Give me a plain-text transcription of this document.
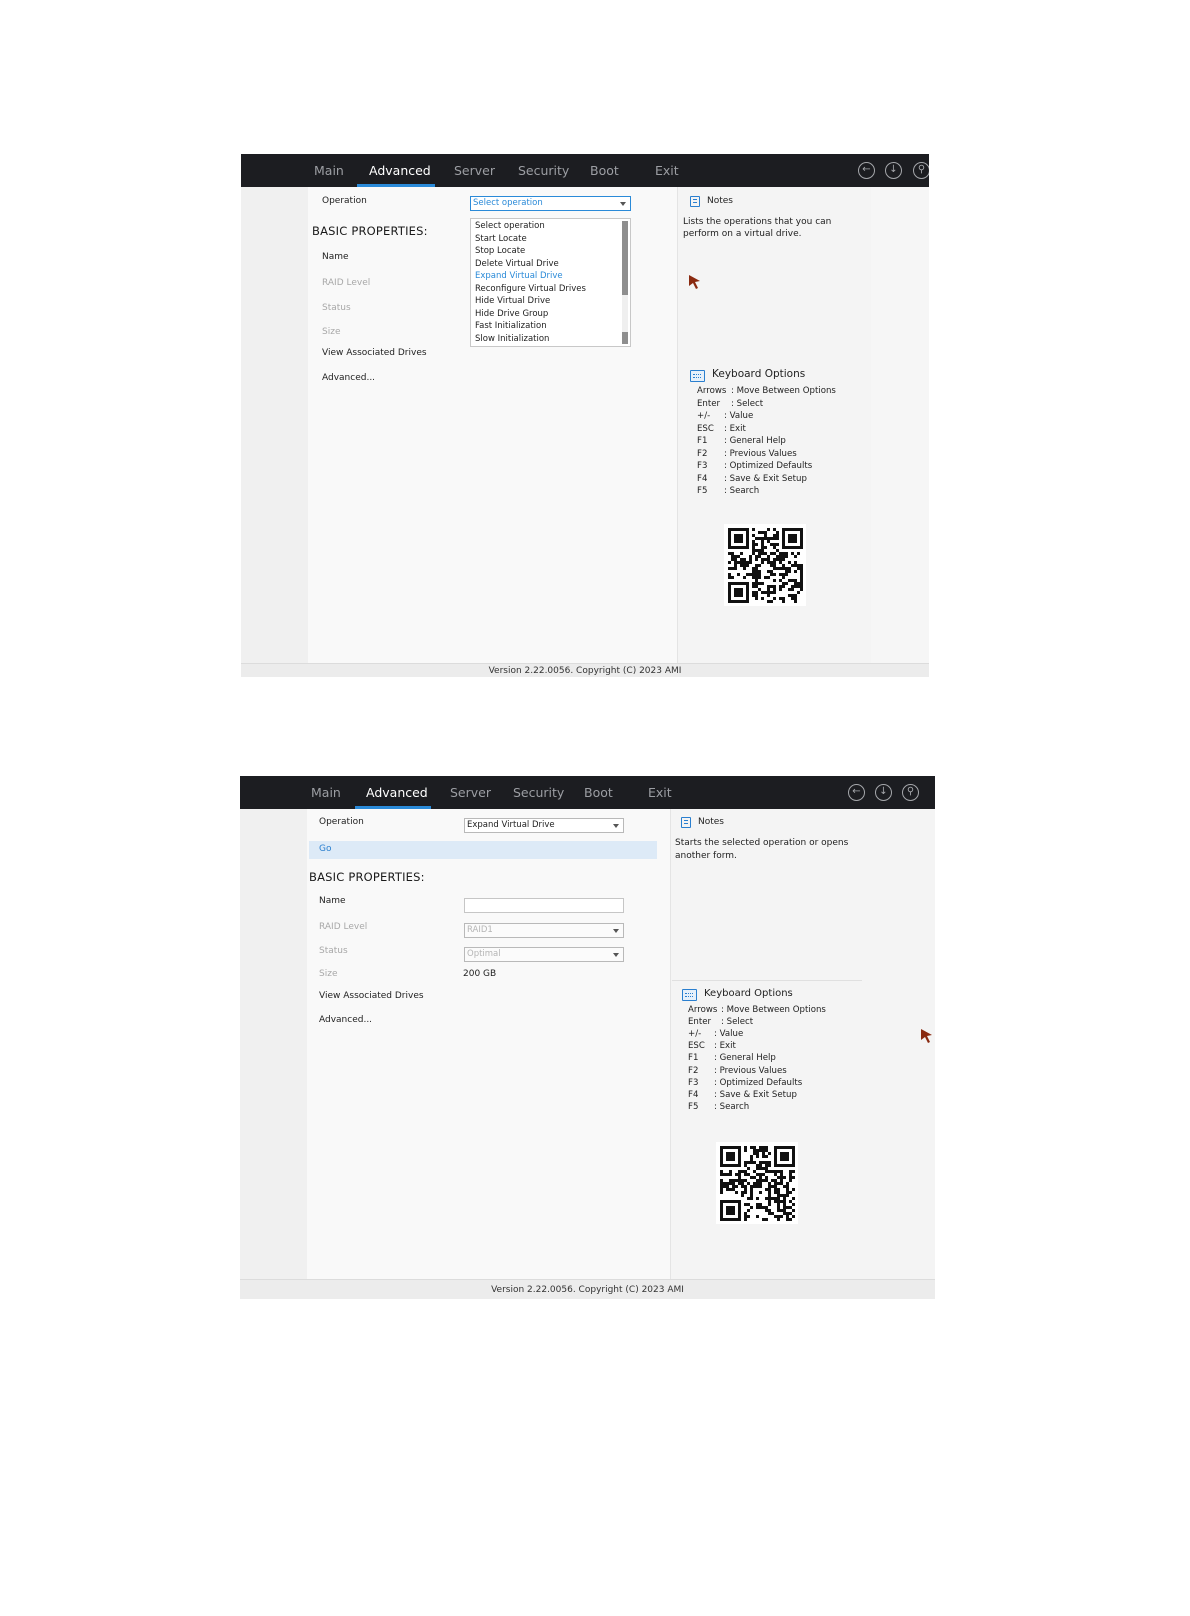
Main Advanced Server Security Boot	Exit	←	↓	⚲
Operation	Select operation
BASIC PROPERTIES:
Name
RAID Level
Status
Size
View Associated Drives
Advanced...
Select operation
Start Locate
Stop Locate
Delete Virtual Drive
Expand Virtual Drive
Reconfigure Virtual Drives
Hide Virtual Drive
Hide Drive Group
Fast Initialization
Slow Initialization
Notes
Lists the operations that you can
perform on a virtual drive.
Keyboard Options
Arrows : Move Between Options
Enter : Select
+/- : Value
ESC : Exit
F1 : General Help
F2 : Previous Values
F3 : Optimized Defaults
F4 : Save & Exit Setup
F5 : Search
Version 2.22.0056. Copyright (C) 2023 AMI
Main Advanced Server Security Boot	Exit	←	↓	⚲
Operation	Expand Virtual Drive
Go
BASIC PROPERTIES:
Name
RAID Level	RAID1
Status	Optimal
Size	200 GB
View Associated Drives
Advanced...
Notes
Starts the selected operation or opens
another form.
Keyboard Options
Arrows : Move Between Options
Enter : Select
+/- : Value
ESC : Exit
F1 : General Help
F2 : Previous Values
F3 : Optimized Defaults
F4 : Save & Exit Setup
F5 : Search
Version 2.22.0056. Copyright (C) 2023 AMI
